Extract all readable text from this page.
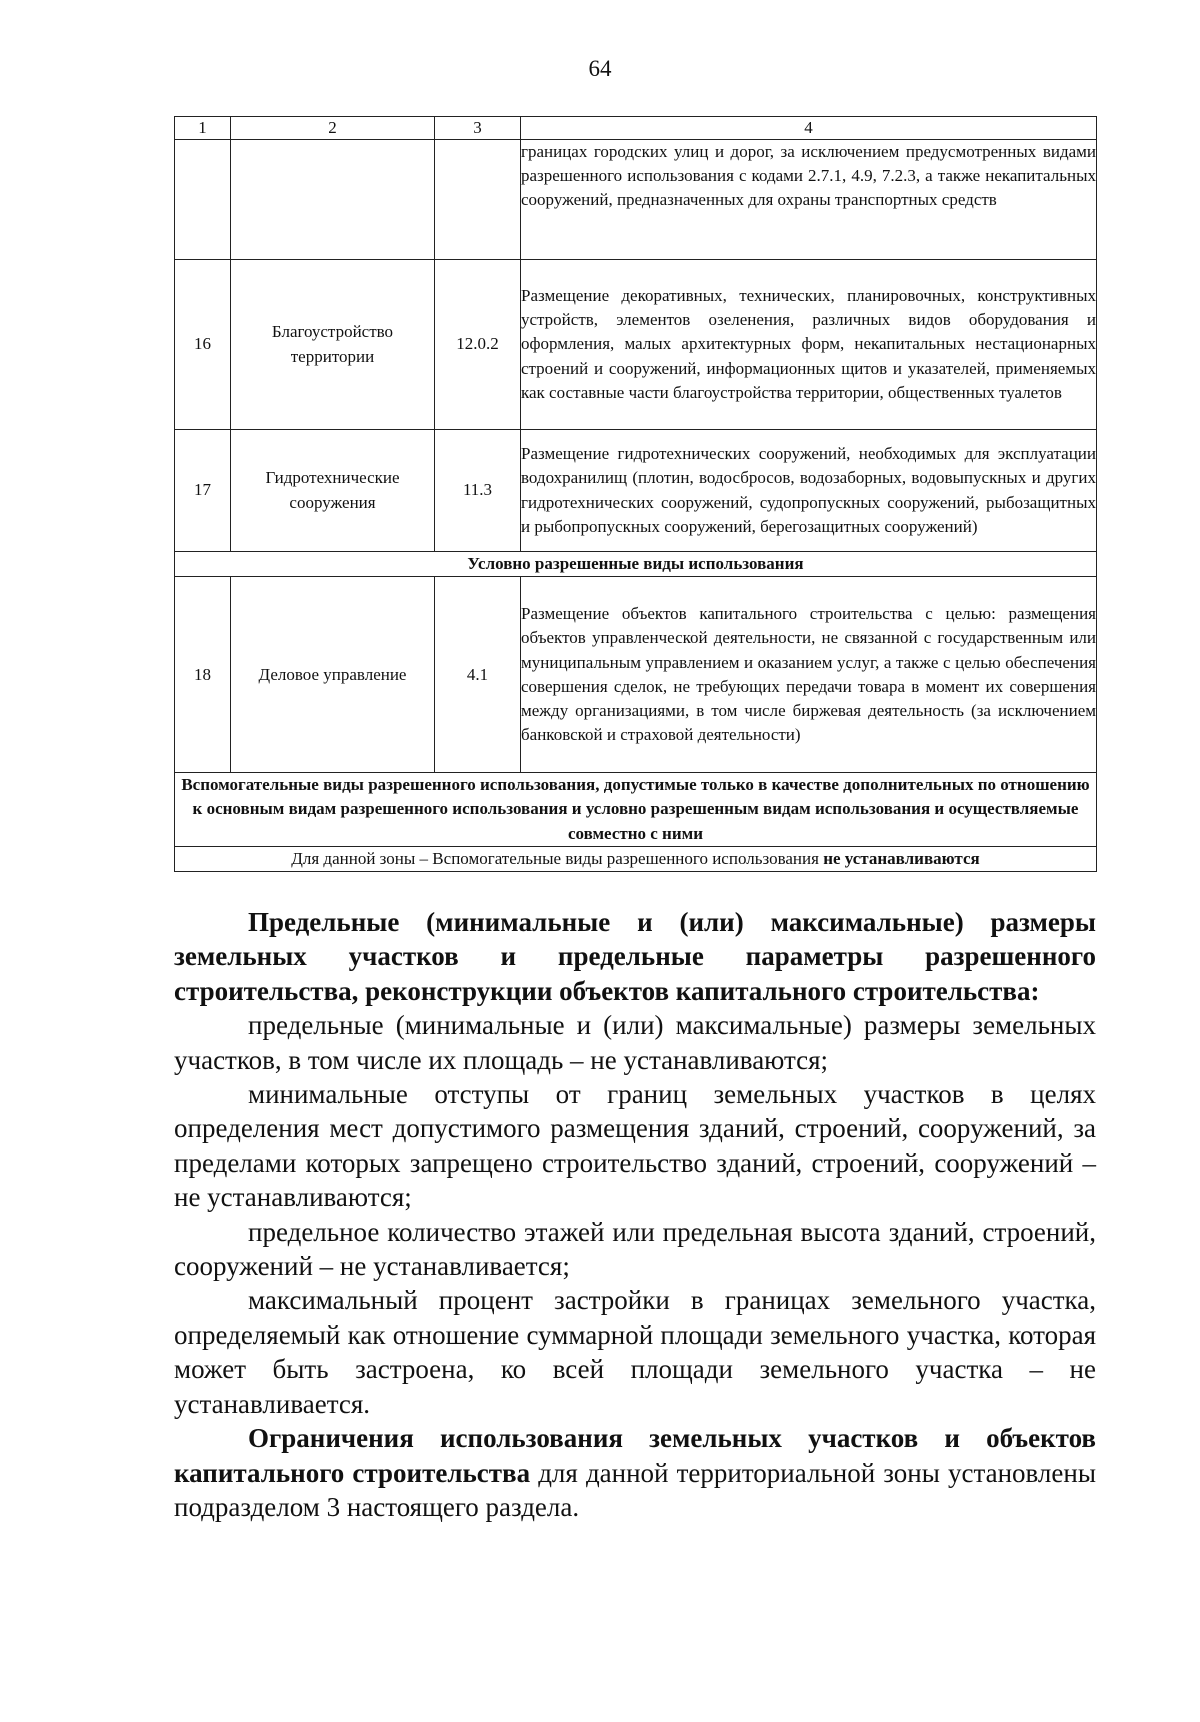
64
1	2	3	4
			границах городских улиц и дорог, за исключением предусмотренных видами разрешенного использования с кодами 2.7.1, 4.9, 7.2.3, а также некапитальных сооружений, предназначенных для охраны транспортных средств
16	Благоустройство территории	12.0.2	Размещение декоративных, технических, планировочных, конструктивных устройств, элементов озеленения, различных видов оборудования и оформления, малых архитектурных форм, некапитальных нестационарных строений и сооружений, информационных щитов и указателей, применяемых как составные части благоустройства территории, общественных туалетов
17	Гидротехнические сооружения	11.3	Размещение гидротехнических сооружений, необходимых для эксплуатации водохранилищ (плотин, водосбросов, водозаборных, водовыпускных и других гидротехнических сооружений, судопропускных сооружений, рыбозащитных и рыбопропускных сооружений, берегозащитных сооружений)
Условно разрешенные виды использования			
18	Деловое управление	4.1	Размещение объектов капитального строительства с целью: размещения объектов управленческой деятельности, не связанной с государственным или муниципальным управлением и оказанием услуг, а также с целью обеспечения совершения сделок, не требующих передачи товара в момент их совершения между организациями, в том числе биржевая деятельность (за исключением банковской и страховой деятельности)
Вспомогательные виды разрешенного использования, допустимые только в качестве дополнительных по отношению к основным видам разрешенного использования и условно разрешенным видам использования и осуществляемые совместно с ними			
Для данной зоны – Вспомогательные виды разрешенного использования не устанавливаются			

Предельные (минимальные и (или) максимальные) размеры земельных участков и предельные параметры разрешенного строительства, реконструкции объектов капитального строительства:

предельные (минимальные и (или) максимальные) размеры земельных участков, в том числе их площадь – не устанавливаются;

минимальные отступы от границ земельных участков в целях определения мест допустимого размещения зданий, строений, сооружений, за пределами которых запрещено строительство зданий, строений, сооружений – не устанавливаются;

предельное количество этажей или предельная высота зданий, строений, сооружений – не устанавливается;

максимальный процент застройки в границах земельного участка, определяемый как отношение суммарной площади земельного участка, которая может быть застроена, ко всей площади земельного участка – не устанавливается.

Ограничения использования земельных участков и объектов капитального строительства для данной территориальной зоны установлены подразделом 3 настоящего раздела.
